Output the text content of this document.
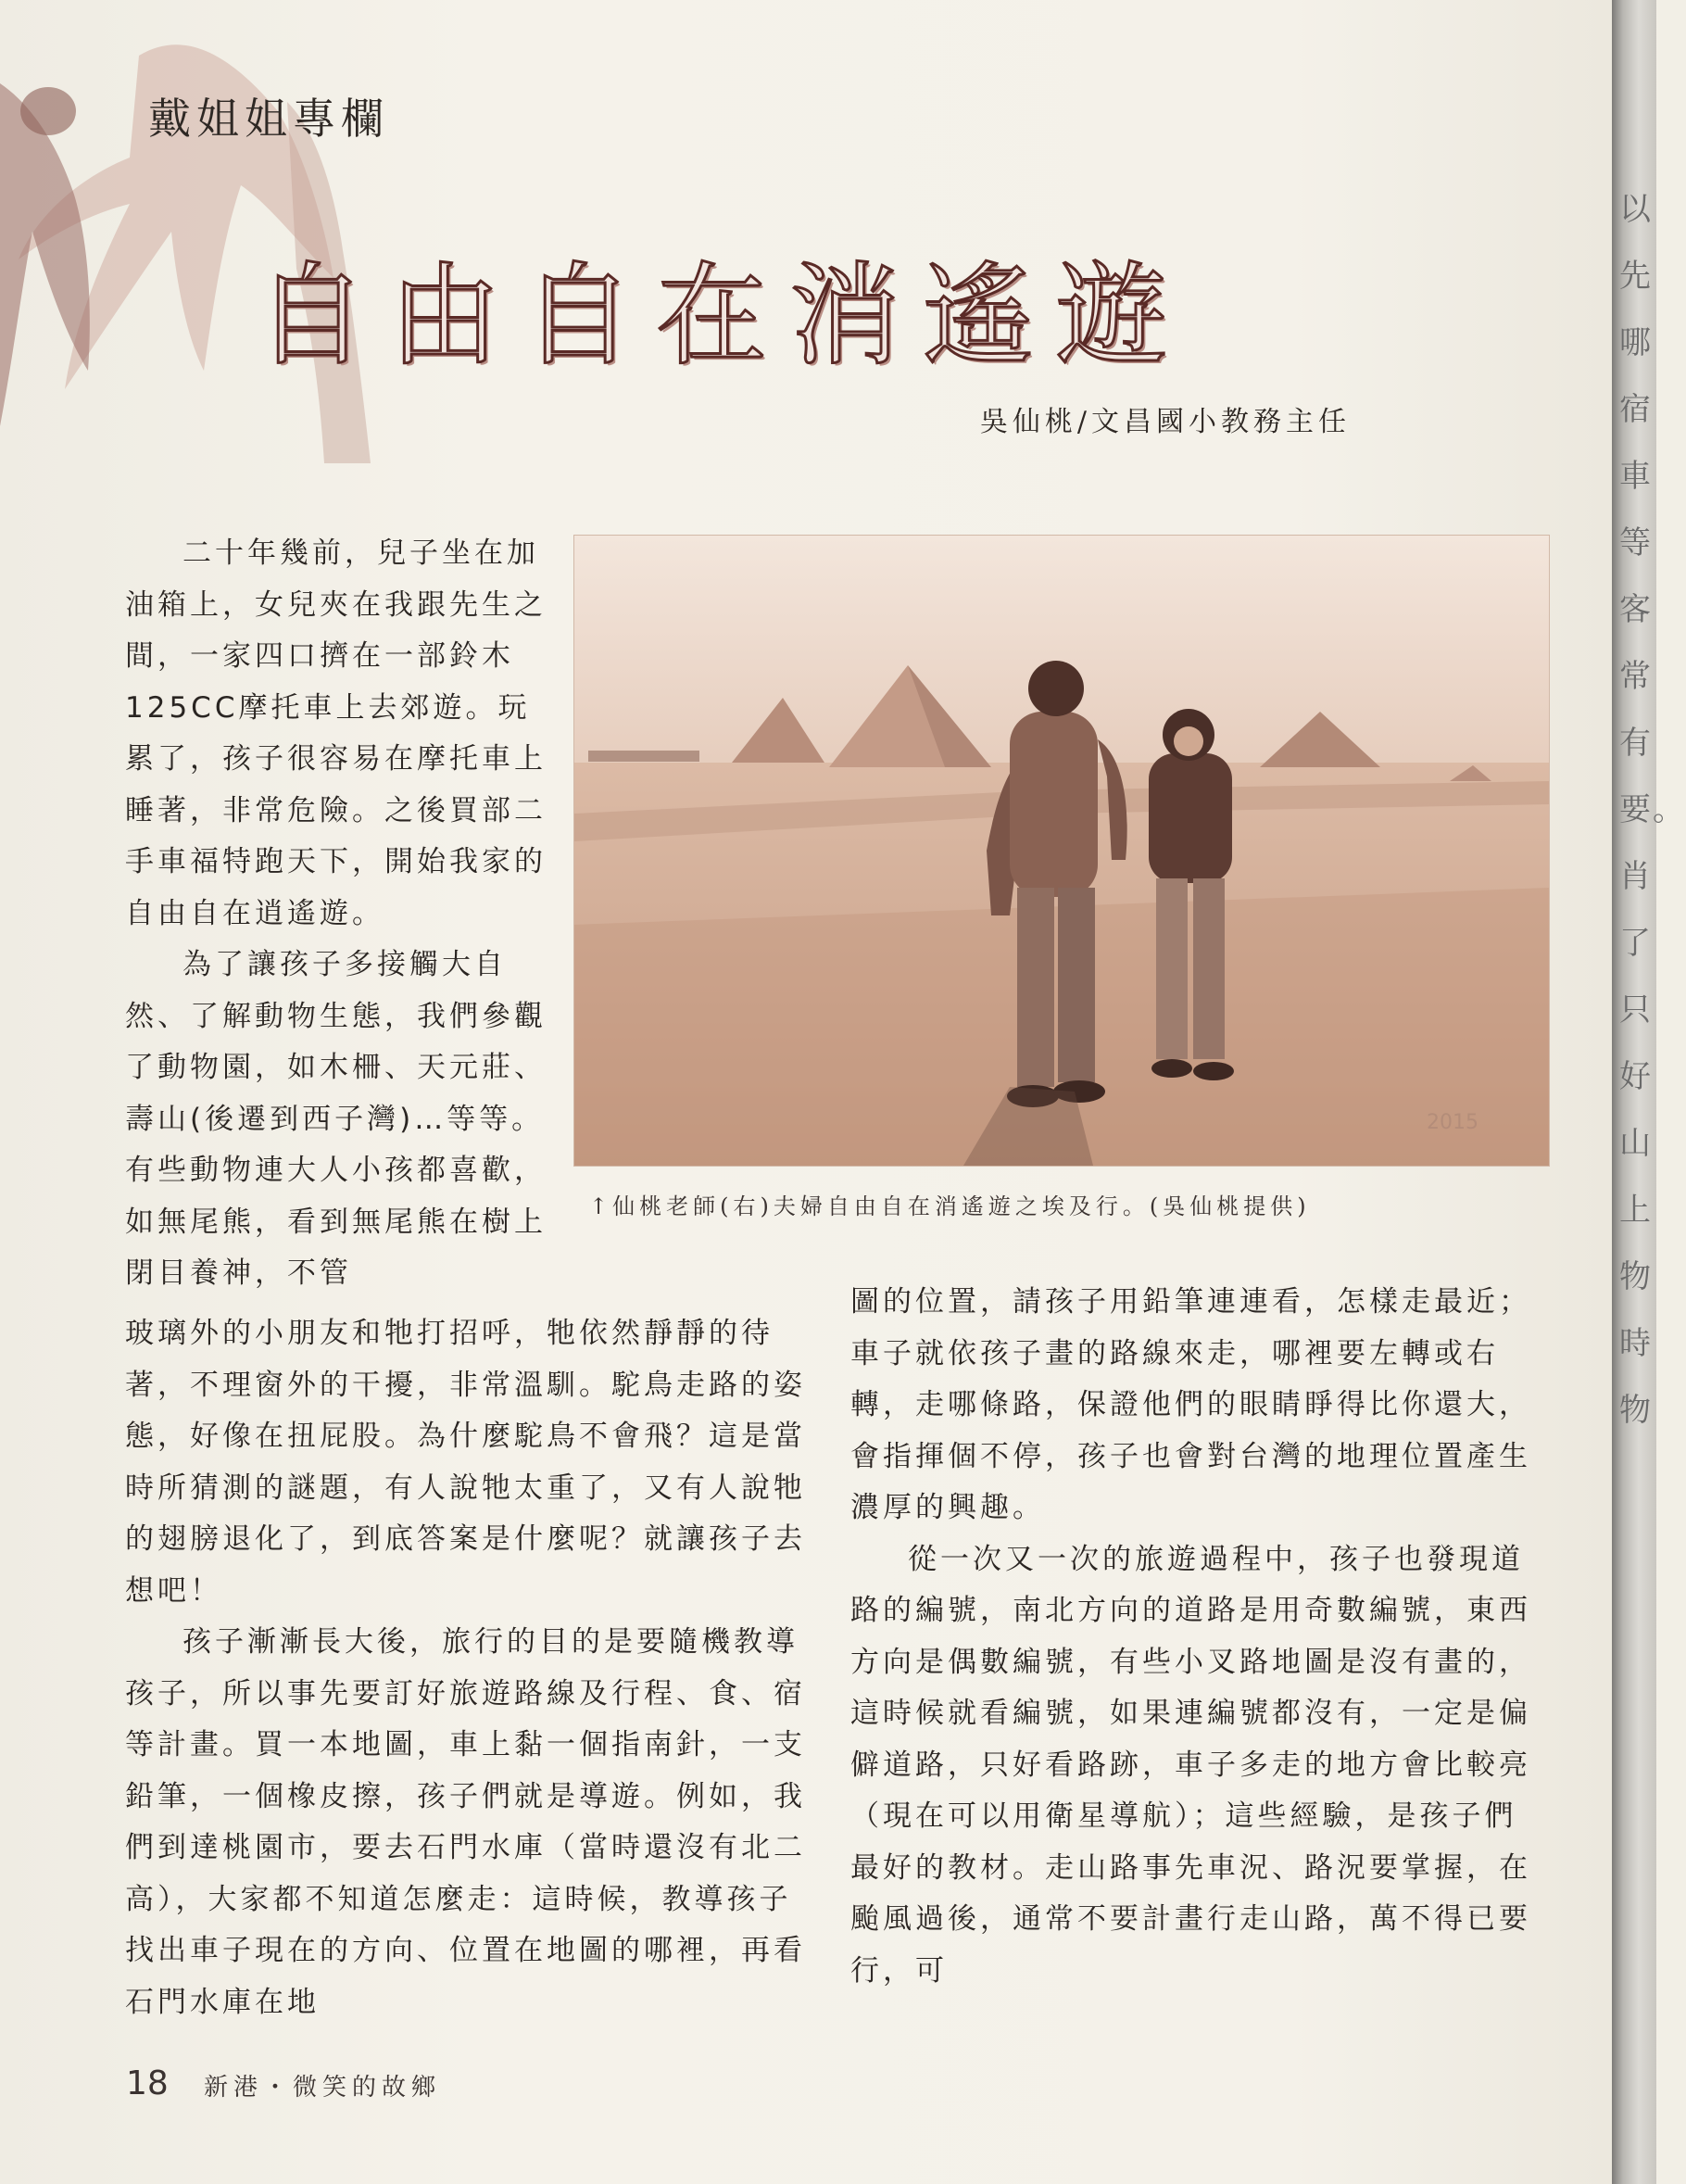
戴姐姐專欄
自由自在消遙遊
吳仙桃/文昌國小教務主任

二十年幾前，兒子坐在加油箱上，女兒夾在我跟先生之間，一家四口擠在一部鈴木125CC摩托車上去郊遊。玩累了，孩子很容易在摩托車上睡著，非常危險。之後買部二手車福特跑天下，開始我家的自由自在逍遙遊。

為了讓孩子多接觸大自然、了解動物生態，我們參觀了動物園，如木柵、天元莊、壽山(後遷到西子灣)…等等。有些動物連大人小孩都喜歡，如無尾熊，看到無尾熊在樹上閉目養神，不管

2015
↑仙桃老師(右)夫婦自由自在消遙遊之埃及行。(吳仙桃提供)

玻璃外的小朋友和牠打招呼，牠依然靜靜的待著，不理窗外的干擾，非常溫馴。駝鳥走路的姿態，好像在扭屁股。為什麼駝鳥不會飛？這是當時所猜測的謎題，有人說牠太重了，又有人說牠的翅膀退化了，到底答案是什麼呢？就讓孩子去想吧！

孩子漸漸長大後，旅行的目的是要隨機教導孩子，所以事先要訂好旅遊路線及行程、食、宿等計畫。買一本地圖，車上黏一個指南針，一支鉛筆，一個橡皮擦，孩子們就是導遊。例如，我們到達桃園市，要去石門水庫（當時還沒有北二高），大家都不知道怎麼走：這時候，教導孩子找出車子現在的方向、位置在地圖的哪裡，再看石門水庫在地

圖的位置，請孩子用鉛筆連連看，怎樣走最近；車子就依孩子畫的路線來走，哪裡要左轉或右轉，走哪條路，保證他們的眼睛睜得比你還大，會指揮個不停，孩子也會對台灣的地理位置產生濃厚的興趣。

從一次又一次的旅遊過程中，孩子也發現道路的編號，南北方向的道路是用奇數編號，東西方向是偶數編號，有些小叉路地圖是沒有畫的，這時候就看編號，如果連編號都沒有，一定是偏僻道路，只好看路跡，車子多走的地方會比較亮（現在可以用衛星導航）；這些經驗，是孩子們最好的教材。走山路事先車況、路況要掌握，在颱風過後，通常不要計畫行走山路，萬不得已要行，可

18 新港・微笑的故鄉
以先哪宿車等客常有要。肖了只好山上物時物
